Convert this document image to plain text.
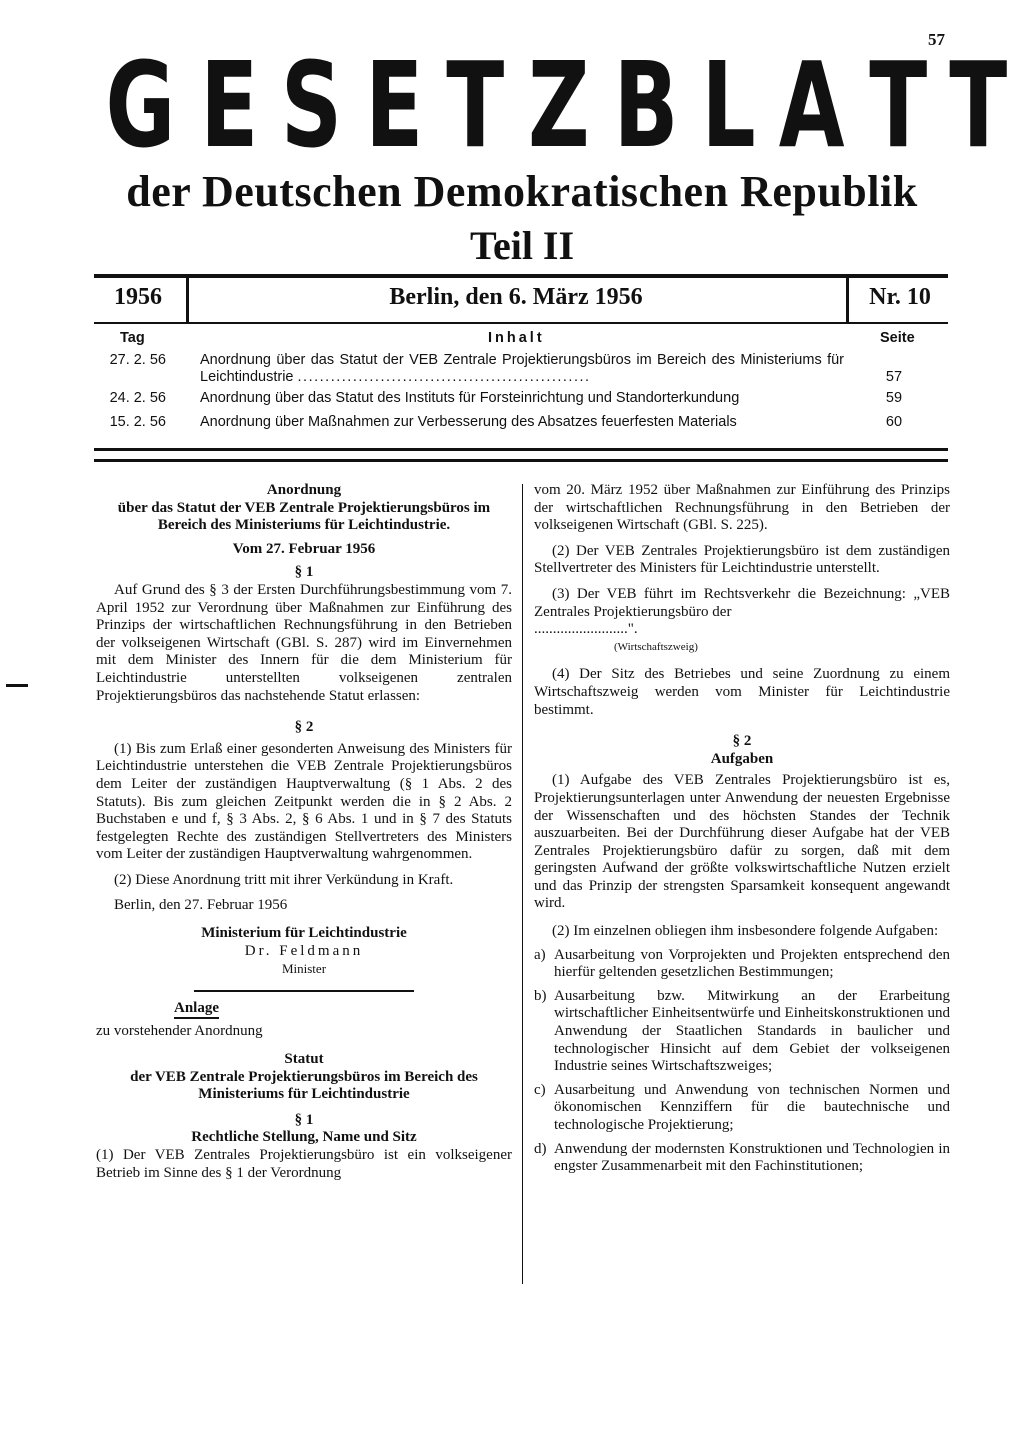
57
G E S E T Z B L A T T
der Deutschen Demokratischen Republik
Teil II
1956	Berlin, den 6. März 1956	Nr. 10
Tag	Inhalt	Seite
27. 2. 56 Anordnung über das Statut der VEB Zentrale Projektierungsbüros im Bereich des Ministeriums für Leichtindustrie .....................................................	57
24. 2. 56 Anordnung über das Statut des Instituts für Forsteinrichtung und Standorterkundung	59
15. 2. 56 Anordnung über Maßnahmen zur Verbesserung des Absatzes feuerfesten Materials	60

Anordnung

über das Statut der VEB Zentrale Projektierungsbüros im Bereich des Ministeriums für Leichtindustrie.

Vom 27. Februar 1956

§ 1

Auf Grund des § 3 der Ersten Durchführungsbestimmung vom 7. April 1952 zur Verordnung über Maßnahmen zur Einführung des Prinzips der wirtschaftlichen Rechnungsführung in den Betrieben der volkseigenen Wirtschaft (GBl. S. 287) wird im Einvernehmen mit dem Minister des Innern für die dem Ministerium für Leichtindustrie unterstellten volkseigenen zentralen Projektierungsbüros das nachstehende Statut erlassen:

§ 2

(1) Bis zum Erlaß einer gesonderten Anweisung des Ministers für Leichtindustrie unterstehen die VEB Zentrale Projektierungsbüros dem Leiter der zuständigen Hauptverwaltung (§ 1 Abs. 2 des Statuts). Bis zum gleichen Zeitpunkt werden die in § 2 Abs. 2 Buchstaben e und f, § 3 Abs. 2, § 6 Abs. 1 und in § 7 des Statuts festgelegten Rechte des zuständigen Stellvertreters des Ministers vom Leiter der zuständigen Hauptverwaltung wahrgenommen.

(2) Diese Anordnung tritt mit ihrer Verkündung in Kraft.

Berlin, den 27. Februar 1956

Ministerium für Leichtindustrie

Dr. Feldmann

Minister

Anlage

zu vorstehender Anordnung

Statut

der VEB Zentrale Projektierungsbüros im Bereich des Ministeriums für Leichtindustrie

§ 1

Rechtliche Stellung, Name und Sitz

(1) Der VEB Zentrales Projektierungsbüro ist ein volkseigener Betrieb im Sinne des § 1 der Verordnung

vom 20. März 1952 über Maßnahmen zur Einführung des Prinzips der wirtschaftlichen Rechnungsführung in den Betrieben der volkseigenen Wirtschaft (GBl. S. 225).

(2) Der VEB Zentrales Projektierungsbüro ist dem zuständigen Stellvertreter des Ministers für Leichtindustrie unterstellt.

(3) Der VEB führt im Rechtsverkehr die Bezeichnung: „VEB Zentrales Projektierungsbüro der

.........................".

(Wirtschaftszweig)

(4) Der Sitz des Betriebes und seine Zuordnung zu einem Wirtschaftszweig werden vom Minister für Leichtindustrie bestimmt.

§ 2

Aufgaben

(1) Aufgabe des VEB Zentrales Projektierungsbüro ist es, Projektierungsunterlagen unter Anwendung der neuesten Ergebnisse der Wissenschaften und des höchsten Standes der Technik auszuarbeiten. Bei der Durchführung dieser Aufgabe hat der VEB Zentrales Projektierungsbüro dafür zu sorgen, daß mit dem geringsten Aufwand der größte volkswirtschaftliche Nutzen erzielt und das Prinzip der strengsten Sparsamkeit konsequent angewandt wird.

(2) Im einzelnen obliegen ihm insbesondere folgende Aufgaben:

a) Ausarbeitung von Vorprojekten und Projekten entsprechend den hierfür geltenden gesetzlichen Bestimmungen;
b) Ausarbeitung bzw. Mitwirkung an der Erarbeitung wirtschaftlicher Einheitsentwürfe und Einheitskonstruktionen und Anwendung der Staatlichen Standards in baulicher und technologischer Hinsicht auf dem Gebiet der volkseigenen Industrie seines Wirtschaftszweiges;
c) Ausarbeitung und Anwendung von technischen Normen und ökonomischen Kennziffern für die bautechnische und technologische Projektierung;
d) Anwendung der modernsten Konstruktionen und Technologien in engster Zusammenarbeit mit den Fachinstitutionen;
